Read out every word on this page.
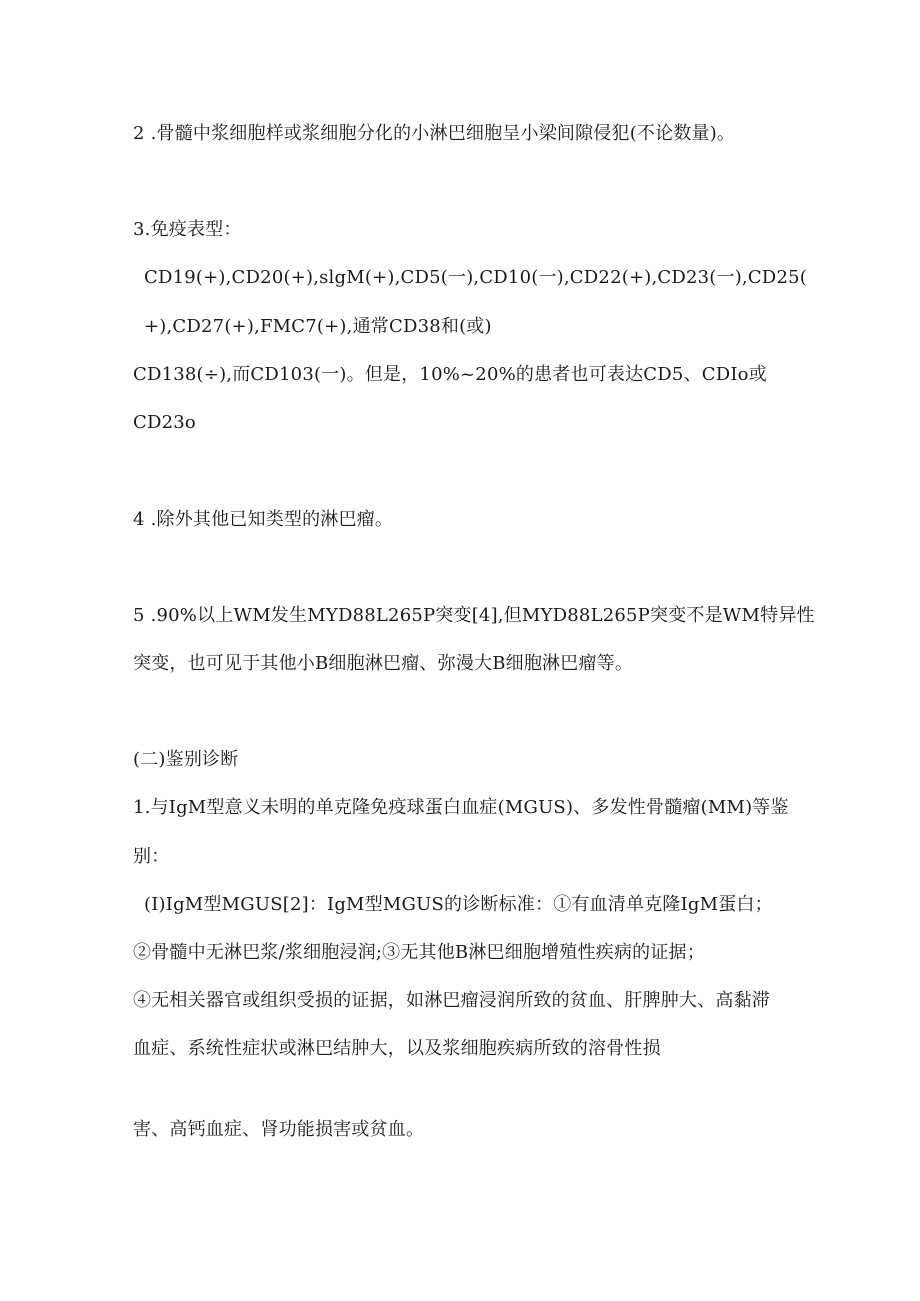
2 .骨髓中浆细胞样或浆细胞分化的小淋巴细胞呈小梁间隙侵犯(不论数量)。
3.免疫表型：
CD19(+),CD20(+),slgM(+),CD5(一),CD10(一),CD22(+),CD23(一),CD25(
+),CD27(+),FMC7(+),通常CD38和(或)
CD138(÷),而CD103(一)。但是，10%~20%的患者也可表达CD5、CDIo或
CD23o
4 .除外其他已知类型的淋巴瘤。
5 .90%以上WM发生MYD88L265P突变[4],但MYD88L265P突变不是WM特异性
突变，也可见于其他小B细胞淋巴瘤、弥漫大B细胞淋巴瘤等。
(二)鉴别诊断
1.与IgM型意义未明的单克隆免疫球蛋白血症(MGUS)、多发性骨髓瘤(MM)等鉴
别：
(I)IgM型MGUS[2]：IgM型MGUS的诊断标准：①有血清单克隆IgM蛋白；
②骨髓中无淋巴浆/浆细胞浸润;③无其他B淋巴细胞增殖性疾病的证据；
④无相关器官或组织受损的证据，如淋巴瘤浸润所致的贫血、肝脾肿大、高黏滞
血症、系统性症状或淋巴结肿大，以及浆细胞疾病所致的溶骨性损
害、高钙血症、肾功能损害或贫血。
